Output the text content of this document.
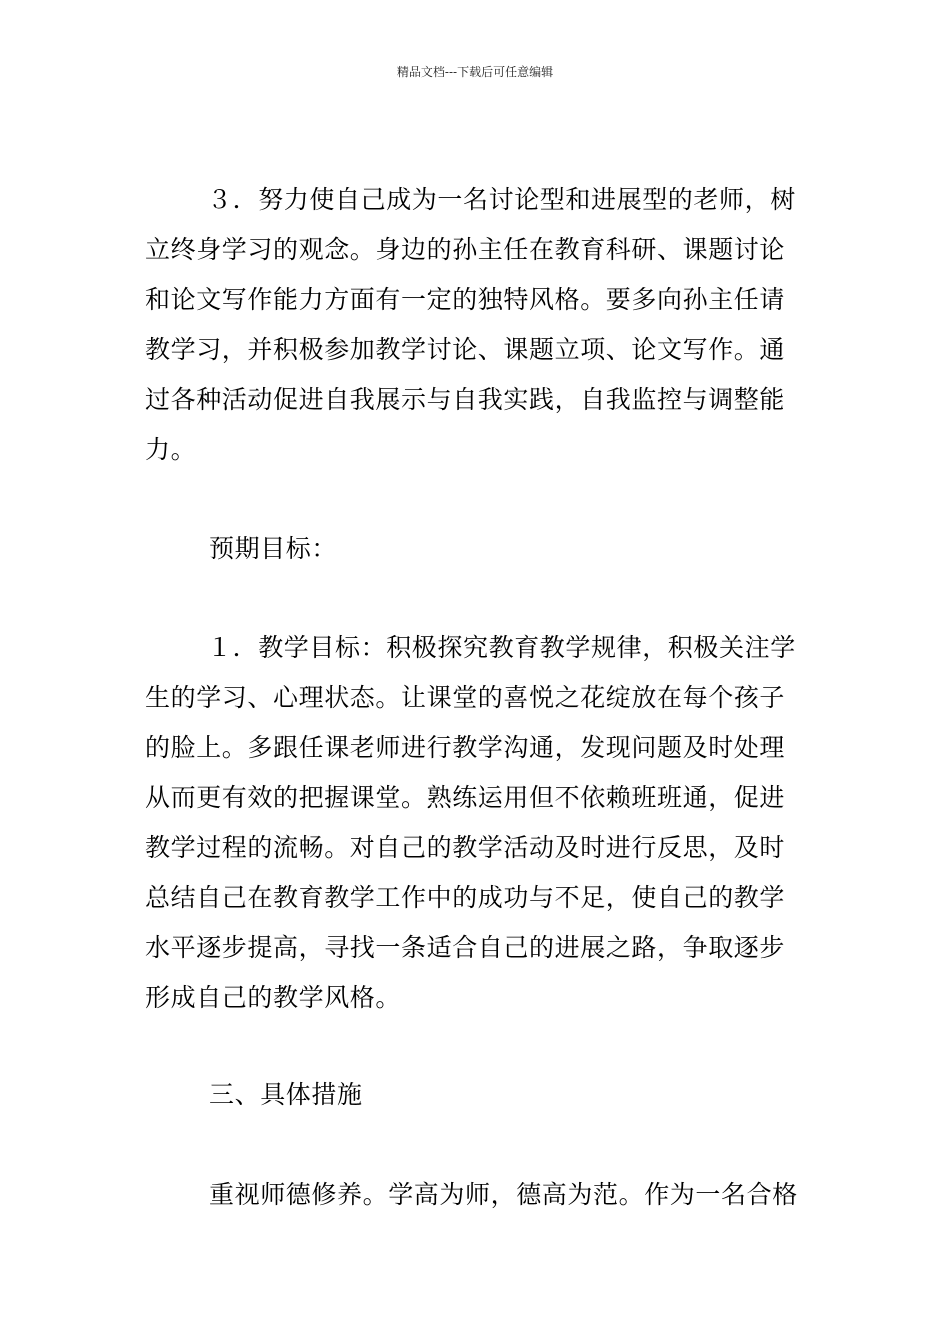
精品文档---下载后可任意编辑
３．努力使自己成为一名讨论型和进展型的老师，树
立终身学习的观念。身边的孙主任在教育科研、课题讨论
和论文写作能力方面有一定的独特风格。要多向孙主任请
教学习，并积极参加教学讨论、课题立项、论文写作。通
过各种活动促进自我展示与自我实践，自我监控与调整能
力。
预期目标：
１．教学目标：积极探究教育教学规律，积极关注学
生的学习、心理状态。让课堂的喜悦之花绽放在每个孩子
的脸上。多跟任课老师进行教学沟通，发现问题及时处理
从而更有效的把握课堂。熟练运用但不依赖班班通，促进
教学过程的流畅。对自己的教学活动及时进行反思，及时
总结自己在教育教学工作中的成功与不足，使自己的教学
水平逐步提高，寻找一条适合自己的进展之路，争取逐步
形成自己的教学风格。
三、具体措施
重视师德修养。学高为师，德高为范。作为一名合格
